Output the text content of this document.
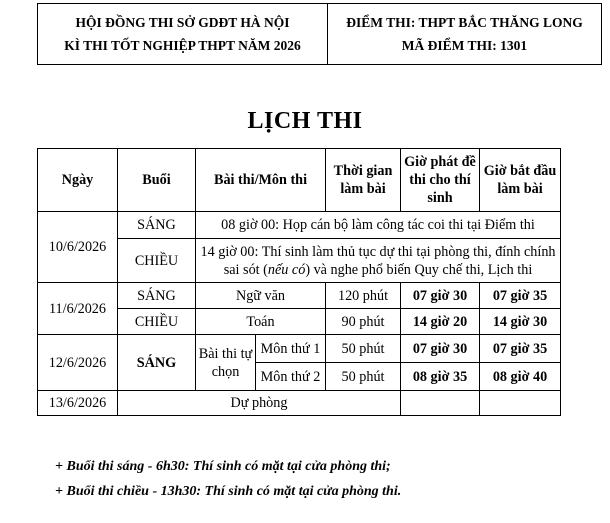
HỘI ĐỒNG THI SỞ GDĐT HÀ NỘI
KÌ THI TỐT NGHIỆP THPT NĂM 2026
ĐIỂM THI: THPT BẮC THĂNG LONG
MÃ ĐIỂM THI: 1301
LỊCH THI
Ngày	Buổi	Bài thi/Môn thi		Thời gian làm bài	Giờ phát đề thi cho thí sinh	Giờ bắt đầu làm bài
10/6/2026	SÁNG	08 giờ 00: Họp cán bộ làm công tác coi thi tại Điểm thi				
	CHIỀU	14 giờ 00: Thí sinh làm thủ tục dự thi tại phòng thi, đính chính sai sót (nếu có) và nghe phổ biến Quy chế thi, Lịch thi				
11/6/2026	SÁNG	Ngữ văn		120 phút	07 giờ 30	07 giờ 35
	CHIỀU	Toán		90 phút	14 giờ 20	14 giờ 30
12/6/2026	SÁNG	Bài thi tự chọn	Môn thứ 1	50 phút	07 giờ 30	07 giờ 35
			Môn thứ 2	50 phút	08 giờ 35	08 giờ 40
13/6/2026	Dự phòng					
+ Buổi thi sáng - 6h30: Thí sinh có mặt tại cửa phòng thi;
+ Buổi thi chiều - 13h30: Thí sinh có mặt tại cửa phòng thi.
